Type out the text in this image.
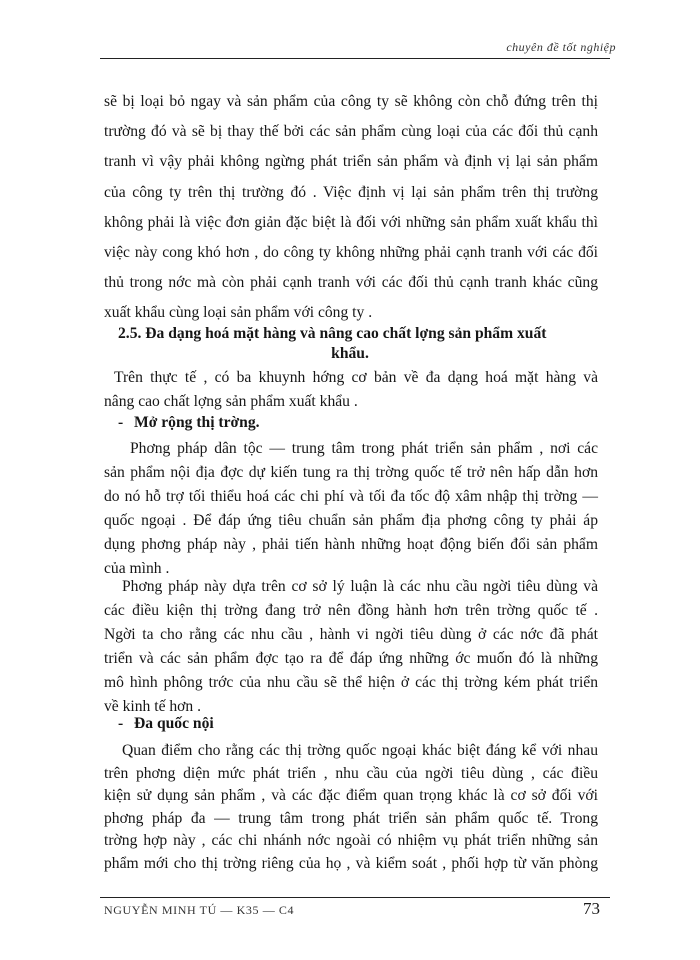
chuyên đề tốt nghiệp
sẽ bị loại bỏ ngay và sản phẩm của công ty sẽ không còn chỗ đứng trên thị
trường đó và sẽ bị thay thế bởi các sản phẩm cùng loại của các đối thủ cạnh
tranh vì vậy phải không ngừng phát triển sản phẩm và định vị lại sản phẩm
của công ty trên thị trường đó . Việc định vị lại sản phẩm trên thị trường
không phải là việc đơn giản đặc biệt là đối với những sản phẩm xuất khẩu thì
việc này cong khó hơn , do công ty không những phải cạnh tranh với các đối
thủ trong nớc mà còn phải cạnh tranh với các đối thủ cạnh tranh khác cũng
xuất khẩu cùng loại sản phẩm với công ty .
2.5. Đa dạng hoá mặt hàng và nâng cao chất lợng sản phẩm xuất
khẩu.
Trên thực tế , có ba khuynh hớng cơ bản về đa dạng hoá mặt hàng và
nâng cao chất lợng sản phẩm xuất khẩu .
- Mở rộng thị trờng.
Phơng pháp dân tộc — trung tâm trong phát triển sản phẩm , nơi các
sản phẩm nội địa đợc dự kiến tung ra thị trờng quốc tế trở nên hấp dẫn hơn
do nó hỗ trợ tối thiểu hoá các chi phí và tối đa tốc độ xâm nhập thị trờng —
quốc ngoại . Để đáp ứng tiêu chuẩn sản phẩm địa phơng công ty phải áp
dụng phơng pháp này , phải tiến hành những hoạt động biến đổi sản phẩm
của mình .
Phơng pháp này dựa trên cơ sở lý luận là các nhu cầu ngời tiêu dùng và
các điều kiện thị trờng đang trở nên đồng hành hơn trên trờng quốc tế .
Ngời ta cho rằng các nhu cầu , hành vi ngời tiêu dùng ở các nớc đã phát
triển và các sản phẩm đợc tạo ra để đáp ứng những ớc muốn đó là những
mô hình phông trớc của nhu cầu sẽ thể hiện ở các thị trờng kém phát triển
về kinh tế hơn .
- Đa quốc nội
Quan điểm cho rằng các thị trờng quốc ngoại khác biệt đáng kể với nhau
trên phơng diện mức phát triển , nhu cầu của ngời tiêu dùng , các điều
kiện sử dụng sản phẩm , và các đặc điểm quan trọng khác là cơ sở đối với
phơng pháp đa — trung tâm trong phát triển sản phẩm quốc tế. Trong
trờng hợp này , các chi nhánh nớc ngoài có nhiệm vụ phát triển những sản
phẩm mới cho thị trờng riêng của họ , và kiểm soát , phối hợp từ văn phòng
NGUYỄN MINH TÚ — K35 — C4	73
